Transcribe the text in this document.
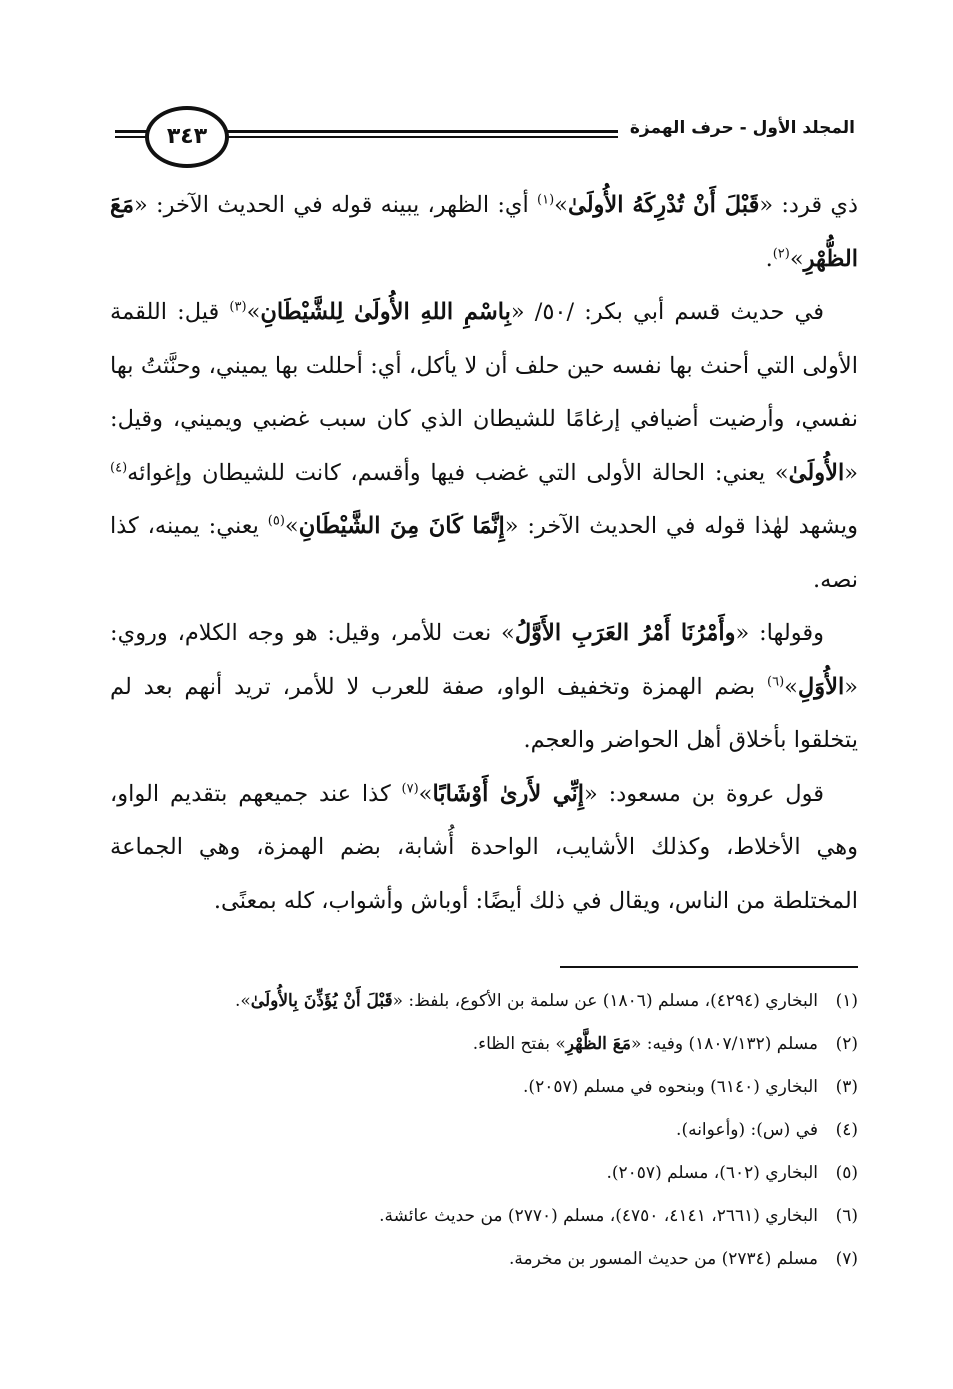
المجلد الأول - حرف الهمزة
٣٤٣

ذي قرد: «قَبْلَ أَنْ تُدْرِكَهُ الأُولَىٰ»$^{(١)}$ أي: الظهر، يبينه قوله في الحديث الآخر: «مَعَ الظُّهْرِ»$^{(٢)}$.

في حديث قسم أبي بكر: /٥٠/ «بِاسْمِ اللهِ الأُولَىٰ لِلشَّيْطَانِ»$^{(٣)}$ قيل: اللقمة الأولى التي أحنث بها نفسه حين حلف أن لا يأكل، أي: أحللت بها يميني، وحنَّثتُ بها نفسي، وأرضيت أضيافي إرغامًا للشيطان الذي كان سبب غضبي ويميني، وقيل: «الأُولَىٰ» يعني: الحالة الأولى التي غضب فيها وأقسم، كانت للشيطان وإغوائه$^{(٤)}$ ويشهد لهٰذا قوله في الحديث الآخر: «إِنَّمَا كَانَ مِنَ الشَّيْطَانِ»$^{(٥)}$ يعني: يمينه، كذا نصه.

وقولها: «وأَمْرُنَا أَمْرُ العَرَبِ الأَوَّلُ» نعت للأمر، وقيل: هو وجه الكلام، وروي: «الأُوَلِ»$^{(٦)}$ بضم الهمزة وتخفيف الواو، صفة للعرب لا للأمر، تريد أنهم بعد لم يتخلقوا بأخلاق أهل الحواضر والعجم.

قول عروة بن مسعود: «إِنِّي لأَرىٰ أَوْشَابًا»$^{(٧)}$ كذا عند جميعهم بتقديم الواو، وهي الأخلاط، وكذلك الأشايب، الواحدة أُشابة، بضم الهمزة، وهي الجماعة المختلطة من الناس، ويقال في ذلك أيضًا: أوباش وأشواب، كله بمعنًى.

(١)
البخاري (٤٢٩٤)، مسلم (١٨٠٦) عن سلمة بن الأكوع، بلفظ: «قَبْلَ أَنْ يُؤَذِّنَ بِالأُولَىٰ».
(٢)
مسلم (١٨٠٧/١٣٢) وفيه: «مَعَ الظَّهْرِ» بفتح الظاء.
(٣)
البخاري (٦١٤٠) وبنحوه في مسلم (٢٠٥٧).
(٤)
في (س): (وأعوانه).
(٥)
البخاري (٦٠٢)، مسلم (٢٠٥٧).
(٦)
البخاري (٢٦٦١، ٤١٤١، ٤٧٥٠)، مسلم (٢٧٧٠) من حديث عائشة.
(٧)
مسلم (٢٧٣٤) من حديث المسور بن مخرمة.
